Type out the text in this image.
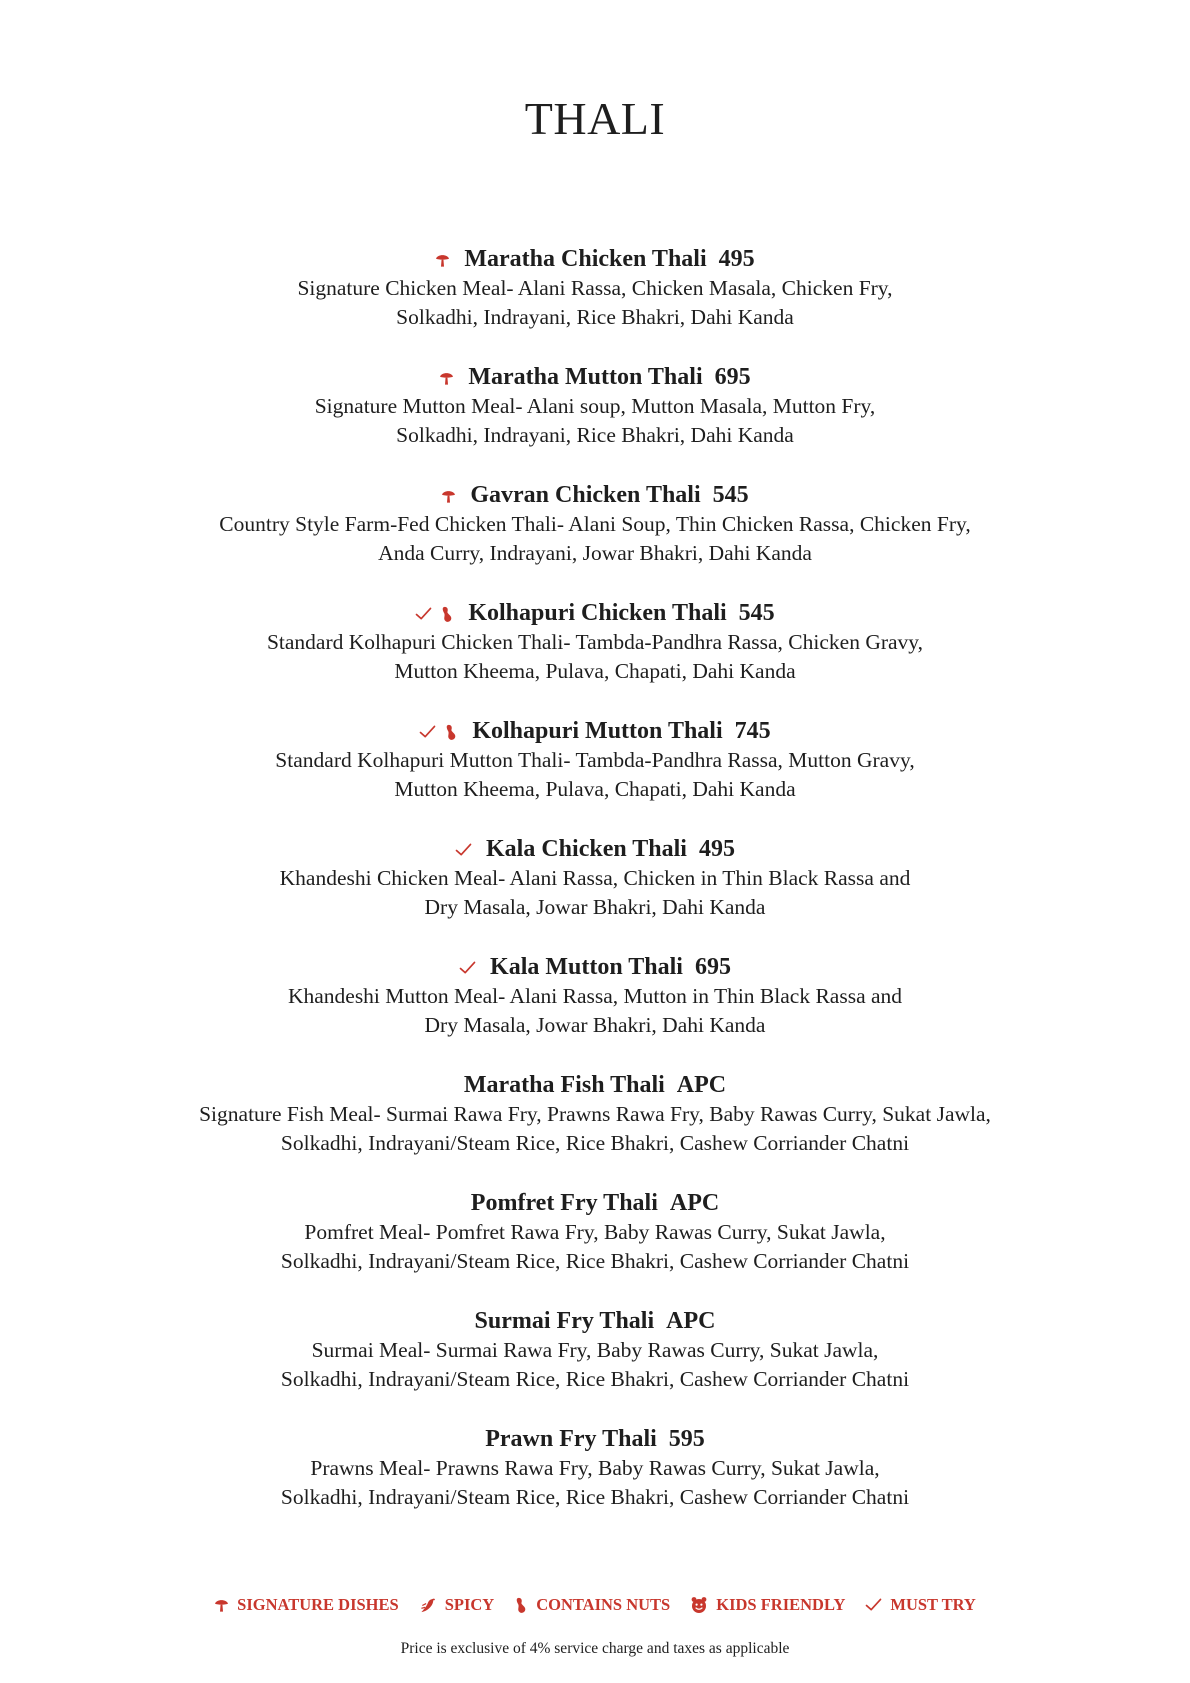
THALI
Maratha Chicken Thali 495
Signature Chicken Meal- Alani Rassa, Chicken Masala, Chicken Fry,
Solkadhi, Indrayani, Rice Bhakri, Dahi Kanda
Maratha Mutton Thali 695
Signature Mutton Meal- Alani soup, Mutton Masala, Mutton Fry,
Solkadhi, Indrayani, Rice Bhakri, Dahi Kanda
Gavran Chicken Thali 545
Country Style Farm-Fed Chicken Thali- Alani Soup, Thin Chicken Rassa, Chicken Fry,
Anda Curry, Indrayani, Jowar Bhakri, Dahi Kanda
Kolhapuri Chicken Thali 545
Standard Kolhapuri Chicken Thali- Tambda-Pandhra Rassa, Chicken Gravy,
Mutton Kheema, Pulava, Chapati, Dahi Kanda
Kolhapuri Mutton Thali 745
Standard Kolhapuri Mutton Thali- Tambda-Pandhra Rassa, Mutton Gravy,
Mutton Kheema, Pulava, Chapati, Dahi Kanda
Kala Chicken Thali 495
Khandeshi Chicken Meal- Alani Rassa, Chicken in Thin Black Rassa and
Dry Masala, Jowar Bhakri, Dahi Kanda
Kala Mutton Thali 695
Khandeshi Mutton Meal- Alani Rassa, Mutton in Thin Black Rassa and
Dry Masala, Jowar Bhakri, Dahi Kanda
Maratha Fish Thali APC
Signature Fish Meal- Surmai Rawa Fry, Prawns Rawa Fry, Baby Rawas Curry, Sukat Jawla,
Solkadhi, Indrayani/Steam Rice, Rice Bhakri, Cashew Corriander Chatni
Pomfret Fry Thali APC
Pomfret Meal- Pomfret Rawa Fry, Baby Rawas Curry, Sukat Jawla,
Solkadhi, Indrayani/Steam Rice, Rice Bhakri, Cashew Corriander Chatni
Surmai Fry Thali APC
Surmai Meal- Surmai Rawa Fry, Baby Rawas Curry, Sukat Jawla,
Solkadhi, Indrayani/Steam Rice, Rice Bhakri, Cashew Corriander Chatni
Prawn Fry Thali 595
Prawns Meal- Prawns Rawa Fry, Baby Rawas Curry, Sukat Jawla,
Solkadhi, Indrayani/Steam Rice, Rice Bhakri, Cashew Corriander Chatni
SIGNATURE DISHES	SPICY	CONTAINS NUTS	KIDS FRIENDLY	MUST TRY
Price is exclusive of 4% service charge and taxes as applicable
